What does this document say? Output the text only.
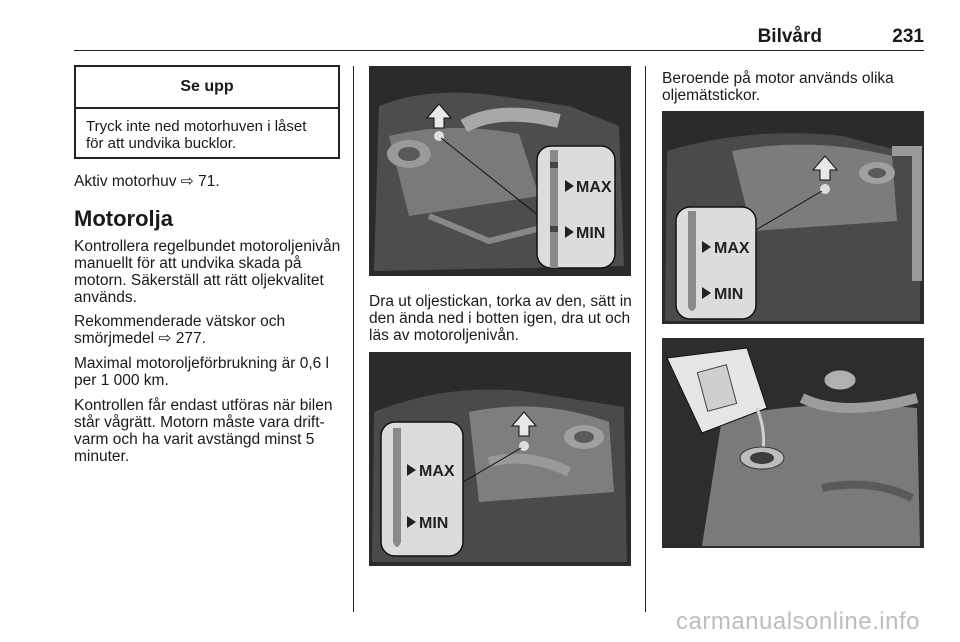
Bilvård	231
Se upp
Tryck inte ned motorhuven i låset för att undvika bucklor.
Aktiv motorhuv ⇨ 71.
Motorolja
Kontrollera regelbundet motoroljenivån manuellt för att undvika skada på motorn. Säkerställ att rätt oljekvalitet används.
Rekommenderade vätskor och smörjmedel ⇨ 277.
Maximal motoroljeförbrukning är 0,6 l per 1 000 km.
Kontrollen får endast utföras när bilen står vågrätt. Motorn måste vara driftvarm och ha varit avstängd minst 5 minuter.
MAX
MIN
Dra ut oljestickan, torka av den, sätt in den ända ned i botten igen, dra ut och läs av motoroljenivån.
MAX
MIN
Beroende på motor används olika oljemätstickor.
MAX
MIN
carmanualsonline.info
